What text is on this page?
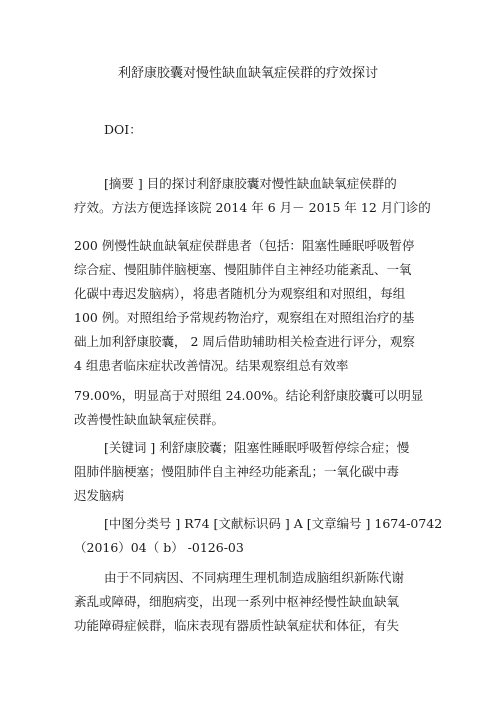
利舒康胶囊对慢性缺血缺氧症侯群的疗效探讨
DOI：
[摘要 ] 目的探讨利舒康胶囊对慢性缺血缺氧症侯群的
疗效。方法方便选择该院 2014 年 6 月－ 2015 年 12 月门诊的
200 例慢性缺血缺氧症侯群患者（包括：阻塞性睡眠呼吸暂停
综合症、慢阻肺伴脑梗塞、慢阻肺伴自主神经功能紊乱、一氧
化碳中毒迟发脑病），将患者随机分为观察组和对照组，每组
100 例。对照组给予常规药物治疗，观察组在对照组治疗的基
础上加利舒康胶囊， 2 周后借助辅助相关检查进行评分，观察
4 组患者临床症状改善情况。结果观察组总有效率
79.00%，明显高于对照组 24.00%。结论利舒康胶囊可以明显
改善慢性缺血缺氧症侯群。
[关键词 ] 利舒康胶囊；阻塞性睡眠呼吸暂停综合症；慢
阻肺伴脑梗塞；慢阻肺伴自主神经功能紊乱；一氧化碳中毒
迟发脑病
[中图分类号 ] R74 [文献标识码 ] A [文章编号 ] 1674-0742
（2016）04（ b） -0126-03
由于不同病因、不同病理生理机制造成脑组织新陈代谢
紊乱或障碍，细胞病变，出现一系列中枢神经慢性缺血缺氧
功能障碍症候群，临床表现有器质性缺氧症状和体征，有失
